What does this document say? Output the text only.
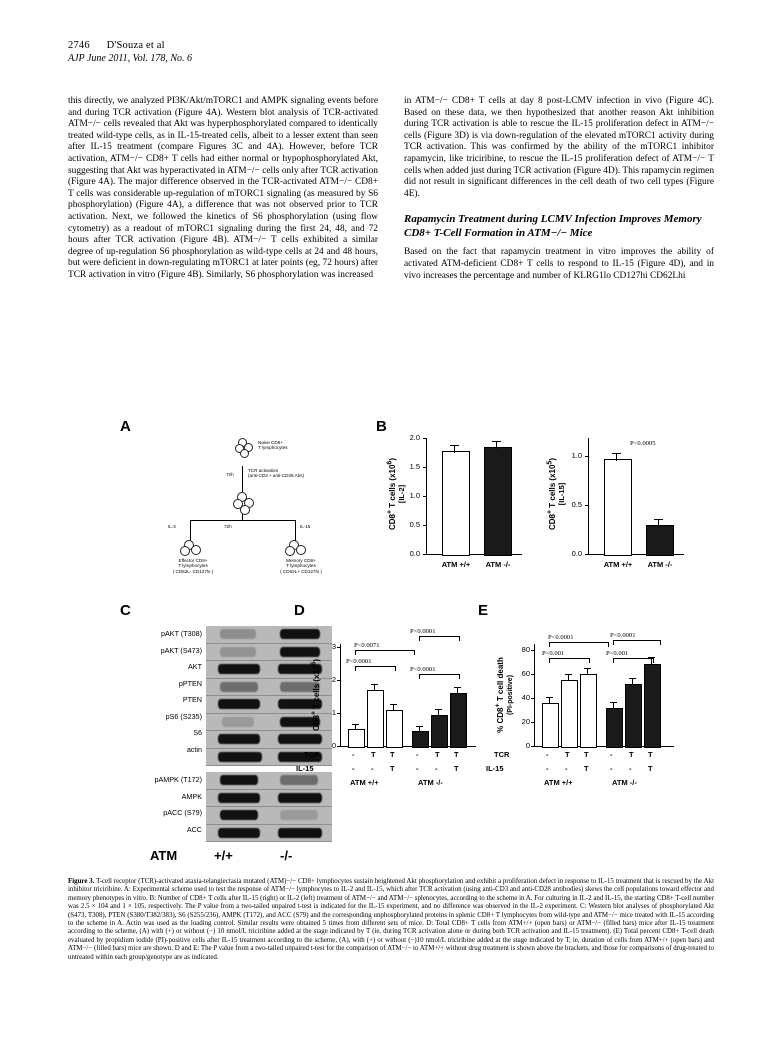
2746 D'Souza et al
AJP June 2011, Vol. 178, No. 6

this directly, we analyzed PI3K/Akt/mTORC1 and AMPK signaling events before and during TCR activation (Figure 4A). Western blot analysis of TCR-activated ATM−/− cells revealed that Akt was hyperphosphorylated compared to identically treated wild-type cells, as in IL-15-treated cells, albeit to a lesser extent than seen after IL-15 treatment (compare Figures 3C and 4A). However, before TCR activation, ATM−/− CD8+ T cells had either normal or hypophosphorylated Akt, suggesting that Akt was hyperactivated in ATM−/− cells only after TCR activation (Figure 4A). The major difference observed in the TCR-activated ATM−/− CD8+ T cells was considerable up-regulation of mTORC1 signaling (as measured by S6 phosphorylation) (Figure 4A), a difference that was not observed prior to TCR activation. Next, we followed the kinetics of S6 phosphorylation (using flow cytometry) as a readout of mTORC1 signaling during the first 24, 48, and 72 hours after TCR activation (Figure 4B). ATM−/− T cells exhibited a similar degree of up-regulation S6 phosphorylation as wild-type cells at 24 and 48 hours, but were deficient in down-regulating mTORC1 at later points (eg, 72 hours) after TCR activation in vitro (Figure 4B). Similarly, S6 phosphorylation was increased

in ATM−/− CD8+ T cells at day 8 post-LCMV infection in vivo (Figure 4C). Based on these data, we then hypothesized that another reason Akt inhibition during TCR activation is able to rescue the IL-15 proliferation defect in ATM−/− cells (Figure 3D) is via down-regulation of the elevated mTORC1 activity during TCR activation. This was confirmed by the ability of the mTORC1 inhibitor rapamycin, like triciribine, to rescue the IL-15 proliferation defect of ATM−/− T cells when added just during TCR activation (Figure 4D). This rapamycin regimen did not result in significant differences in the cell death of two cell types (Figure 4E).

Rapamycin Treatment during LCMV Infection Improves Memory CD8+ T-Cell Formation in ATM−/− Mice

Based on the fact that rapamycin treatment in vitro improves the ability of activated ATM-deficient CD8+ T cells to respond to IL-15 (Figure 4D), and in vivo increases the percentage and number of KLRG1lo CD127hi CD62Lhi

A	B
C	D	E
Naive CD8+
T lymphocytes
72h
TCR activation
(anti-CD3 + anti-CD28 Abs)
IL-2	IL-15
72h
Effector CD8+
T lymphocytes
( CD62L- CD127lo )
Memory CD8+
T lymphocytes
( CD62L+ CD127hi )
CD8+ T cells $(x10^6)$
[IL-2]
0.0
0.5
1.0
1.5
2.0
ATM +/+	ATM -/-
CD8+ T cells $(x10^5)$
[IL-15]
0.0
0.5
1.0
P<0.0005
ATM +/+	ATM -/-
pAKT (T308)
pAKT (S473)
AKT
pPTEN
PTEN
pS6 (S235)
S6
actin
pAMPK (T172)
AMPK
pACC (S79)
ACC
ATM	+/+	-/-
CD8+ T cells $(x10^6)$
0
1
2
3
P<0.0001
P<0.0071
P<0.0001
P<0.0001
TCR	- T T	- T T
IL-15	- - T	- - T
ATM +/+	ATM -/-
% CD8+ T cell death (PI-positive)
0
20
40
60
80 P<0.001
P<0.0001
P<0.001
P<0.0001
TCR	- T T	- T T
IL-15	- - T	- - T
ATM +/+	ATM -/-
Figure 3. T-cell receptor (TCR)-activated ataxia-telangiectasia mutated (ATM)−/− CD8+ lymphocytes sustain heightened Akt phosphorylation and exhibit a proliferation defect in response to IL-15 treatment that is rescued by the Akt inhibitor triciribine. A: Experimental scheme used to test the response of ATM−/− lymphocytes to IL-2 and IL-15, which after TCR activation (using anti-CD3 and anti-CD28 antibodies) skews the cell populations toward effector and memory phenotypes in vitro. B: Number of CD8+ T cells after IL-15 (right) or IL-2 (left) treatment of ATM−/− and ATM−/− splenocytes, according to the scheme in A. For culturing in IL-2 and IL-15, the starting CD8+ T-cell number was 2.5 × 104 and 1 × 105, respectively. The P value from a two-tailed unpaired t-test is indicated for the IL-15 experiment, and no difference was observed in the IL-2 experiment. C: Western blot analyses of phosphorylated Akt (S473, T308), PTEN (S380/T382/383), S6 (S255/236), AMPK (T172), and ACC (S79) and the corresponding unphosphorylated proteins in splenic CD8+ T lymphocytes from wild-type and ATM−/− mice treated with IL-15 according to the scheme in A. Actin was used as the loading control. Similar results were obtained 5 times from different sets of mice. D: Total CD8+ T cells from ATM+/+ (open bars) or ATM−/− (filled bars) mice after IL-15 treatment according to the scheme, (A) with (+) or without (−) 10 nmol/L triciribine added at the stage indicated by T (ie, during TCR activation alone or during both TCR activation and IL-15 treatment). (E) Total percent CD8+ T-cell death evaluated by propidium iodide (PI)-positive cells after IL-15 treatment according to the scheme, (A), with (+) or without (−)10 nmol/L triciribine added at the stage indicated by T, ie, duration of cells from ATM+/+ (open bars) and ATM−/− (filled bars) mice are shown. D and E: The P value from a two-tailed unpaired t-test for the comparison of ATM−/− to ATM+/+ without drug treatment is shown above the brackets, and those for comparisons of drug-treated to untreated within each group/genotype are as indicated.
